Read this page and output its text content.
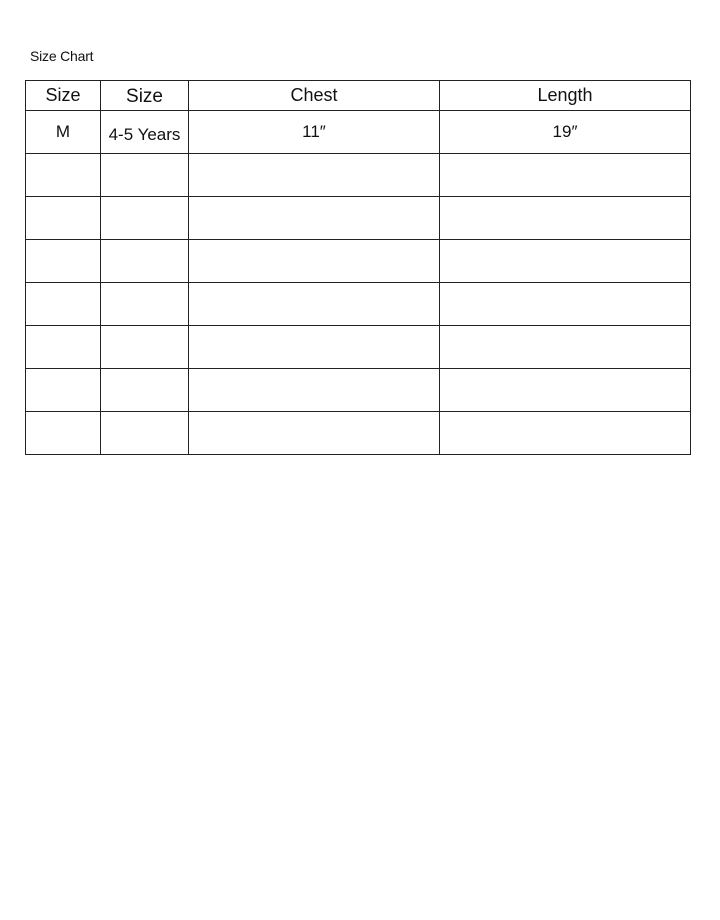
Size Chart
Size	Size	Chest	Length
M	4-5 Years	11″	19″
